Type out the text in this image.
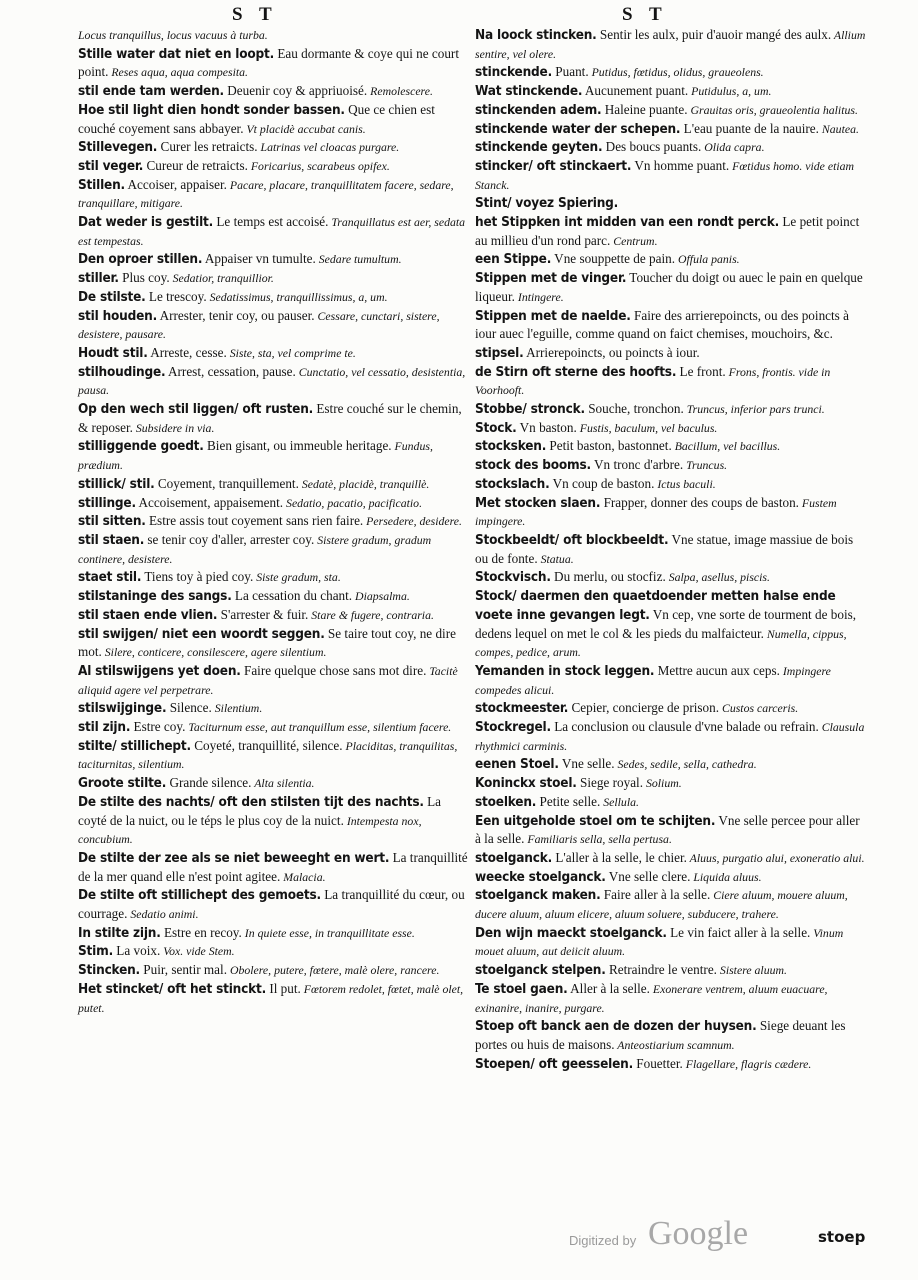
S T	S T
Locus tranquillus, locus vacuus à turba.
Stille water dat niet en loopt. Eau dormante & coye qui ne court point. Reses aqua, aqua compesita.
stil ende tam werden. Deuenir coy & appriuoisé. Remolescere.
Hoe stil light dien hondt sonder bassen. Que ce chien est couché coyement sans abbayer. Vt placidè accubat canis.
Stillevegen. Curer les retraicts. Latrinas vel cloacas purgare.
stil veger. Cureur de retraicts. Foricarius, scarabeus opifex.
Stillen. Accoiser, appaiser. Pacare, placare, tranquillitatem facere, sedare, tranquillare, mitigare.
Dat weder is gestilt. Le temps est accoisé. Tranquillatus est aer, sedata est tempestas.
Den oproer stillen. Appaiser vn tumulte. Sedare tumultum.
stiller. Plus coy. Sedatior, tranquillior.
De stilste. Le trescoy. Sedatissimus, tranquillissimus, a, um.
stil houden. Arrester, tenir coy, ou pauser. Cessare, cunctari, sistere, desistere, pausare.
Houdt stil. Arreste, cesse. Siste, sta, vel comprime te.
stilhoudinge. Arrest, cessation, pause. Cunctatio, vel cessatio, desistentia, pausa.
Op den wech stil liggen/ oft rusten. Estre couché sur le chemin, & reposer. Subsidere in via.
stilliggende goedt. Bien gisant, ou immeuble heritage. Fundus, prædium.
stillick/ stil. Coyement, tranquillement. Sedatè, placidè, tranquillè.
stillinge. Accoisement, appaisement. Sedatio, pacatio, pacificatio.
stil sitten. Estre assis tout coyement sans rien faire. Persedere, desidere.
stil staen. se tenir coy d'aller, arrester coy. Sistere gradum, gradum continere, desistere.
staet stil. Tiens toy à pied coy. Siste gradum, sta.
stilstaninge des sangs. La cessation du chant. Diapsalma.
stil staen ende vlien. S'arrester & fuir. Stare & fugere, contraria.
stil swijgen/ niet een woordt seggen. Se taire tout coy, ne dire mot. Silere, conticere, consilescere, agere silentium.
Al stilswijgens yet doen. Faire quelque chose sans mot dire. Tacitè aliquid agere vel perpetrare.
stilswijginge. Silence. Silentium.
stil zijn. Estre coy. Taciturnum esse, aut tranquillum esse, silentium facere.
stilte/ stillichept. Coyeté, tranquillité, silence. Placiditas, tranquilitas, taciturnitas, silentium.
Groote stilte. Grande silence. Alta silentia.
De stilte des nachts/ oft den stilsten tijt des nachts. La coyté de la nuict, ou le téps le plus coy de la nuict. Intempesta nox, concubium.
De stilte der zee als se niet beweeght en wert. La tranquillité de la mer quand elle n'est point agitee. Malacia.
De stilte oft stillichept des gemoets. La tranquillité du cœur, ou courrage. Sedatio animi.
In stilte zijn. Estre en recoy. In quiete esse, in tranquillitate esse.
Stim. La voix. Vox. vide Stem.
Stincken. Puir, sentir mal. Obolere, putere, fœtere, malè olere, rancere.
Het stincket/ oft het stinckt. Il put. Fœtorem redolet, fœtet, malè olet, putet.
Na loock stincken. Sentir les aulx, puir d'auoir mangé des aulx. Allium sentire, vel olere.
stinckende. Puant. Putidus, fœtidus, olidus, graueolens.
Wat stinckende. Aucunement puant. Putidulus, a, um.
stinckenden adem. Haleine puante. Grauitas oris, graueolentia halitus.
stinckende water der schepen. L'eau puante de la nauire. Nautea.
stinckende geyten. Des boucs puants. Olida capra.
stincker/ oft stinckaert. Vn homme puant. Fœtidus homo. vide etiam Stanck.
Stint/ voyez Spiering.
het Stippken int midden van een rondt perck. Le petit poinct au millieu d'un rond parc. Centrum.
een Stippe. Vne souppette de pain. Offula panis.
Stippen met de vinger. Toucher du doigt ou auec le pain en quelque liqueur. Intingere.
Stippen met de naelde. Faire des arrierepoincts, ou des poincts à iour auec l'eguille, comme quand on faict chemises, mouchoirs, &c.
stipsel. Arrierepoincts, ou poincts à iour.
de Stirn oft sterne des hoofts. Le front. Frons, frontis. vide in Voorhooft.
Stobbe/ stronck. Souche, tronchon. Truncus, inferior pars trunci.
Stock. Vn baston. Fustis, baculum, vel baculus.
stocksken. Petit baston, bastonnet. Bacillum, vel bacillus.
stock des booms. Vn tronc d'arbre. Truncus.
stockslach. Vn coup de baston. Ictus baculi.
Met stocken slaen. Frapper, donner des coups de baston. Fustem impingere.
Stockbeeldt/ oft blockbeeldt. Vne statue, image massiue de bois ou de fonte. Statua.
Stockvisch. Du merlu, ou stocfiz. Salpa, asellus, piscis.
Stock/ daermen den quaetdoender metten halse ende voete inne gevangen legt. Vn cep, vne sorte de tourment de bois, dedens lequel on met le col & les pieds du malfaicteur. Numella, cippus, compes, pedice, arum.
Yemanden in stock leggen. Mettre aucun aux ceps. Impingere compedes alicui.
stockmeester. Cepier, concierge de prison. Custos carceris.
Stockregel. La conclusion ou clausule d'vne balade ou refrain. Clausula rhythmici carminis.
eenen Stoel. Vne selle. Sedes, sedile, sella, cathedra.
Koninckx stoel. Siege royal. Solium.
stoelken. Petite selle. Sellula.
Een uitgeholde stoel om te schijten. Vne selle percee pour aller à la selle. Familiaris sella, sella pertusa.
stoelganck. L'aller à la selle, le chier. Aluus, purgatio alui, exoneratio alui.
weecke stoelganck. Vne selle clere. Liquida aluus.
stoelganck maken. Faire aller à la selle. Ciere aluum, mouere aluum, ducere aluum, aluum elicere, aluum soluere, subducere, trahere.
Den wijn maeckt stoelganck. Le vin faict aller à la selle. Vinum mouet aluum, aut deiicit aluum.
stoelganck stelpen. Retraindre le ventre. Sistere aluum.
Te stoel gaen. Aller à la selle. Exonerare ventrem, aluum euacuare, exinanire, inanire, purgare.
Stoep oft banck aen de dozen der huysen. Siege deuant les portes ou huis de maisons. Anteostiarium scamnum.
Stoepen/ oft geesselen. Fouetter. Flagellare, flagris cædere.
Digitized by Google	stoep
